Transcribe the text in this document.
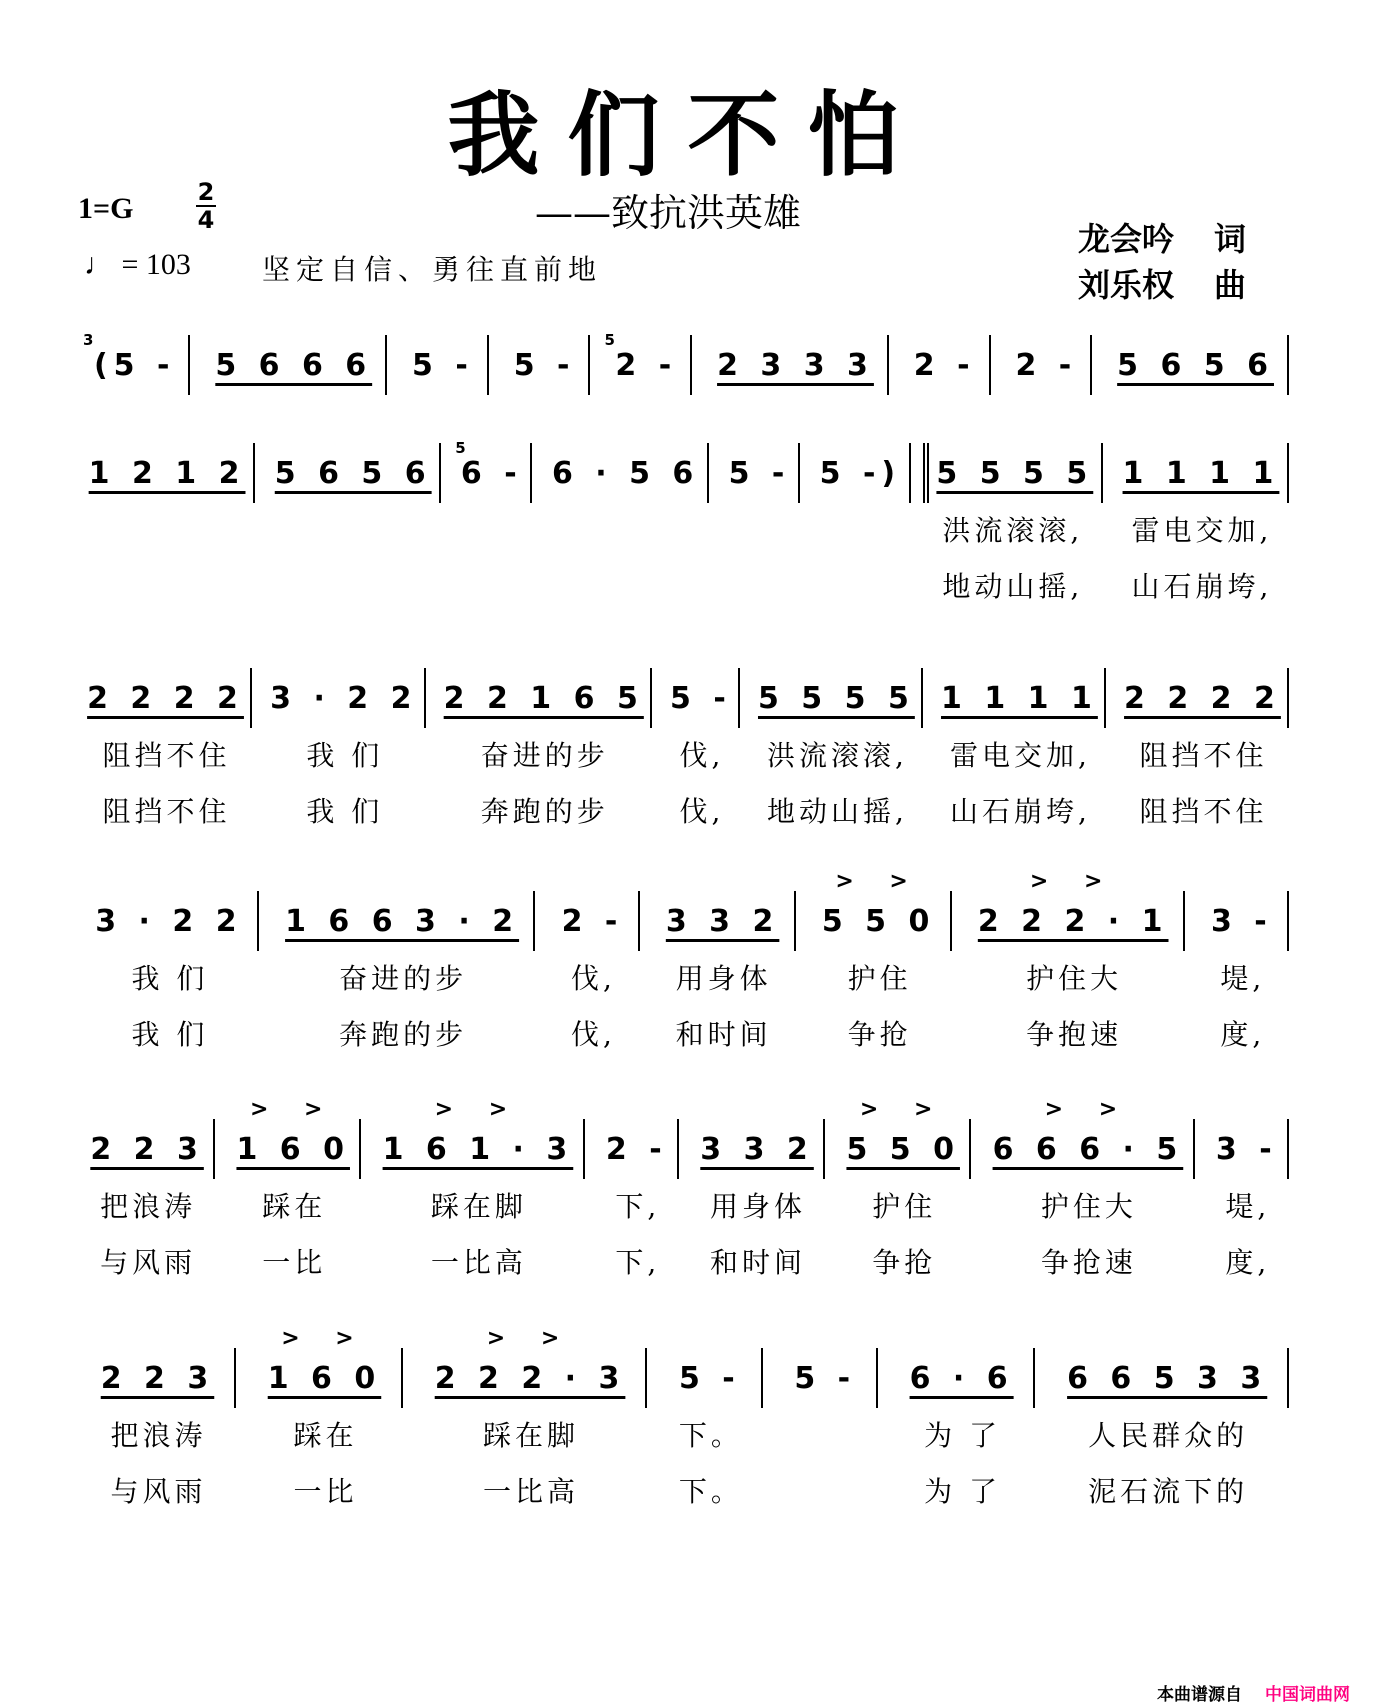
我们不怕
——致抗洪英雄
1=G	2
4
♩ = 103	坚定自信、勇往直前地
龙会吟 词
刘乐权 曲
3
(5 - 5 6 6 6 5 - 5 -
5
2 - 2 3 3 3 2 - 2 - 5 6 5 6
1 2 1 2 5 6 5 6
5
6 - 6 · 5 6 5 - 5 -) 5 5 5 5
洪流滚滚,
地动山摇,
1 1 1 1
雷电交加,
山石崩垮,
2 2 2 2
阻挡不住
阻挡不住
3 · 2 2
我 们
我 们
2 2 1 6 5
奋进的步
奔跑的步
5 -
伐,
伐,
5 5 5 5
洪流滚滚,
地动山摇,
1 1 1 1
雷电交加,
山石崩垮,
2 2 2 2
阻挡不住
阻挡不住
3 · 2 2
我 们
我 们
1 6 6 3 · 2
奋进的步
奔跑的步
2 -
伐,
伐,
3 3 2
用身体
和时间
> >
5 5 0
护住
争抢
> >
2 2 2 · 1
护住大
争抱速
3 -
堤,
度,
2 2 3
把浪涛
与风雨
> >
1 6 0
踩在
一比
> >
1 6 1 · 3
踩在脚
一比高
2 -
下,
下,
3 3 2
用身体
和时间
> >
5 5 0
护住
争抢
> >
6 6 6 · 5
护住大
争抢速
3 -
堤,
度,
2 2 3
把浪涛
与风雨
> >
1 6 0
踩在
一比
> >
2 2 2 · 3
踩在脚
一比高
5 -
下。
下。
5 - 6 · 6
为 了
为 了
6 6 5 3 3
人民群众的
泥石流下的
本曲谱源自 中国词曲网
